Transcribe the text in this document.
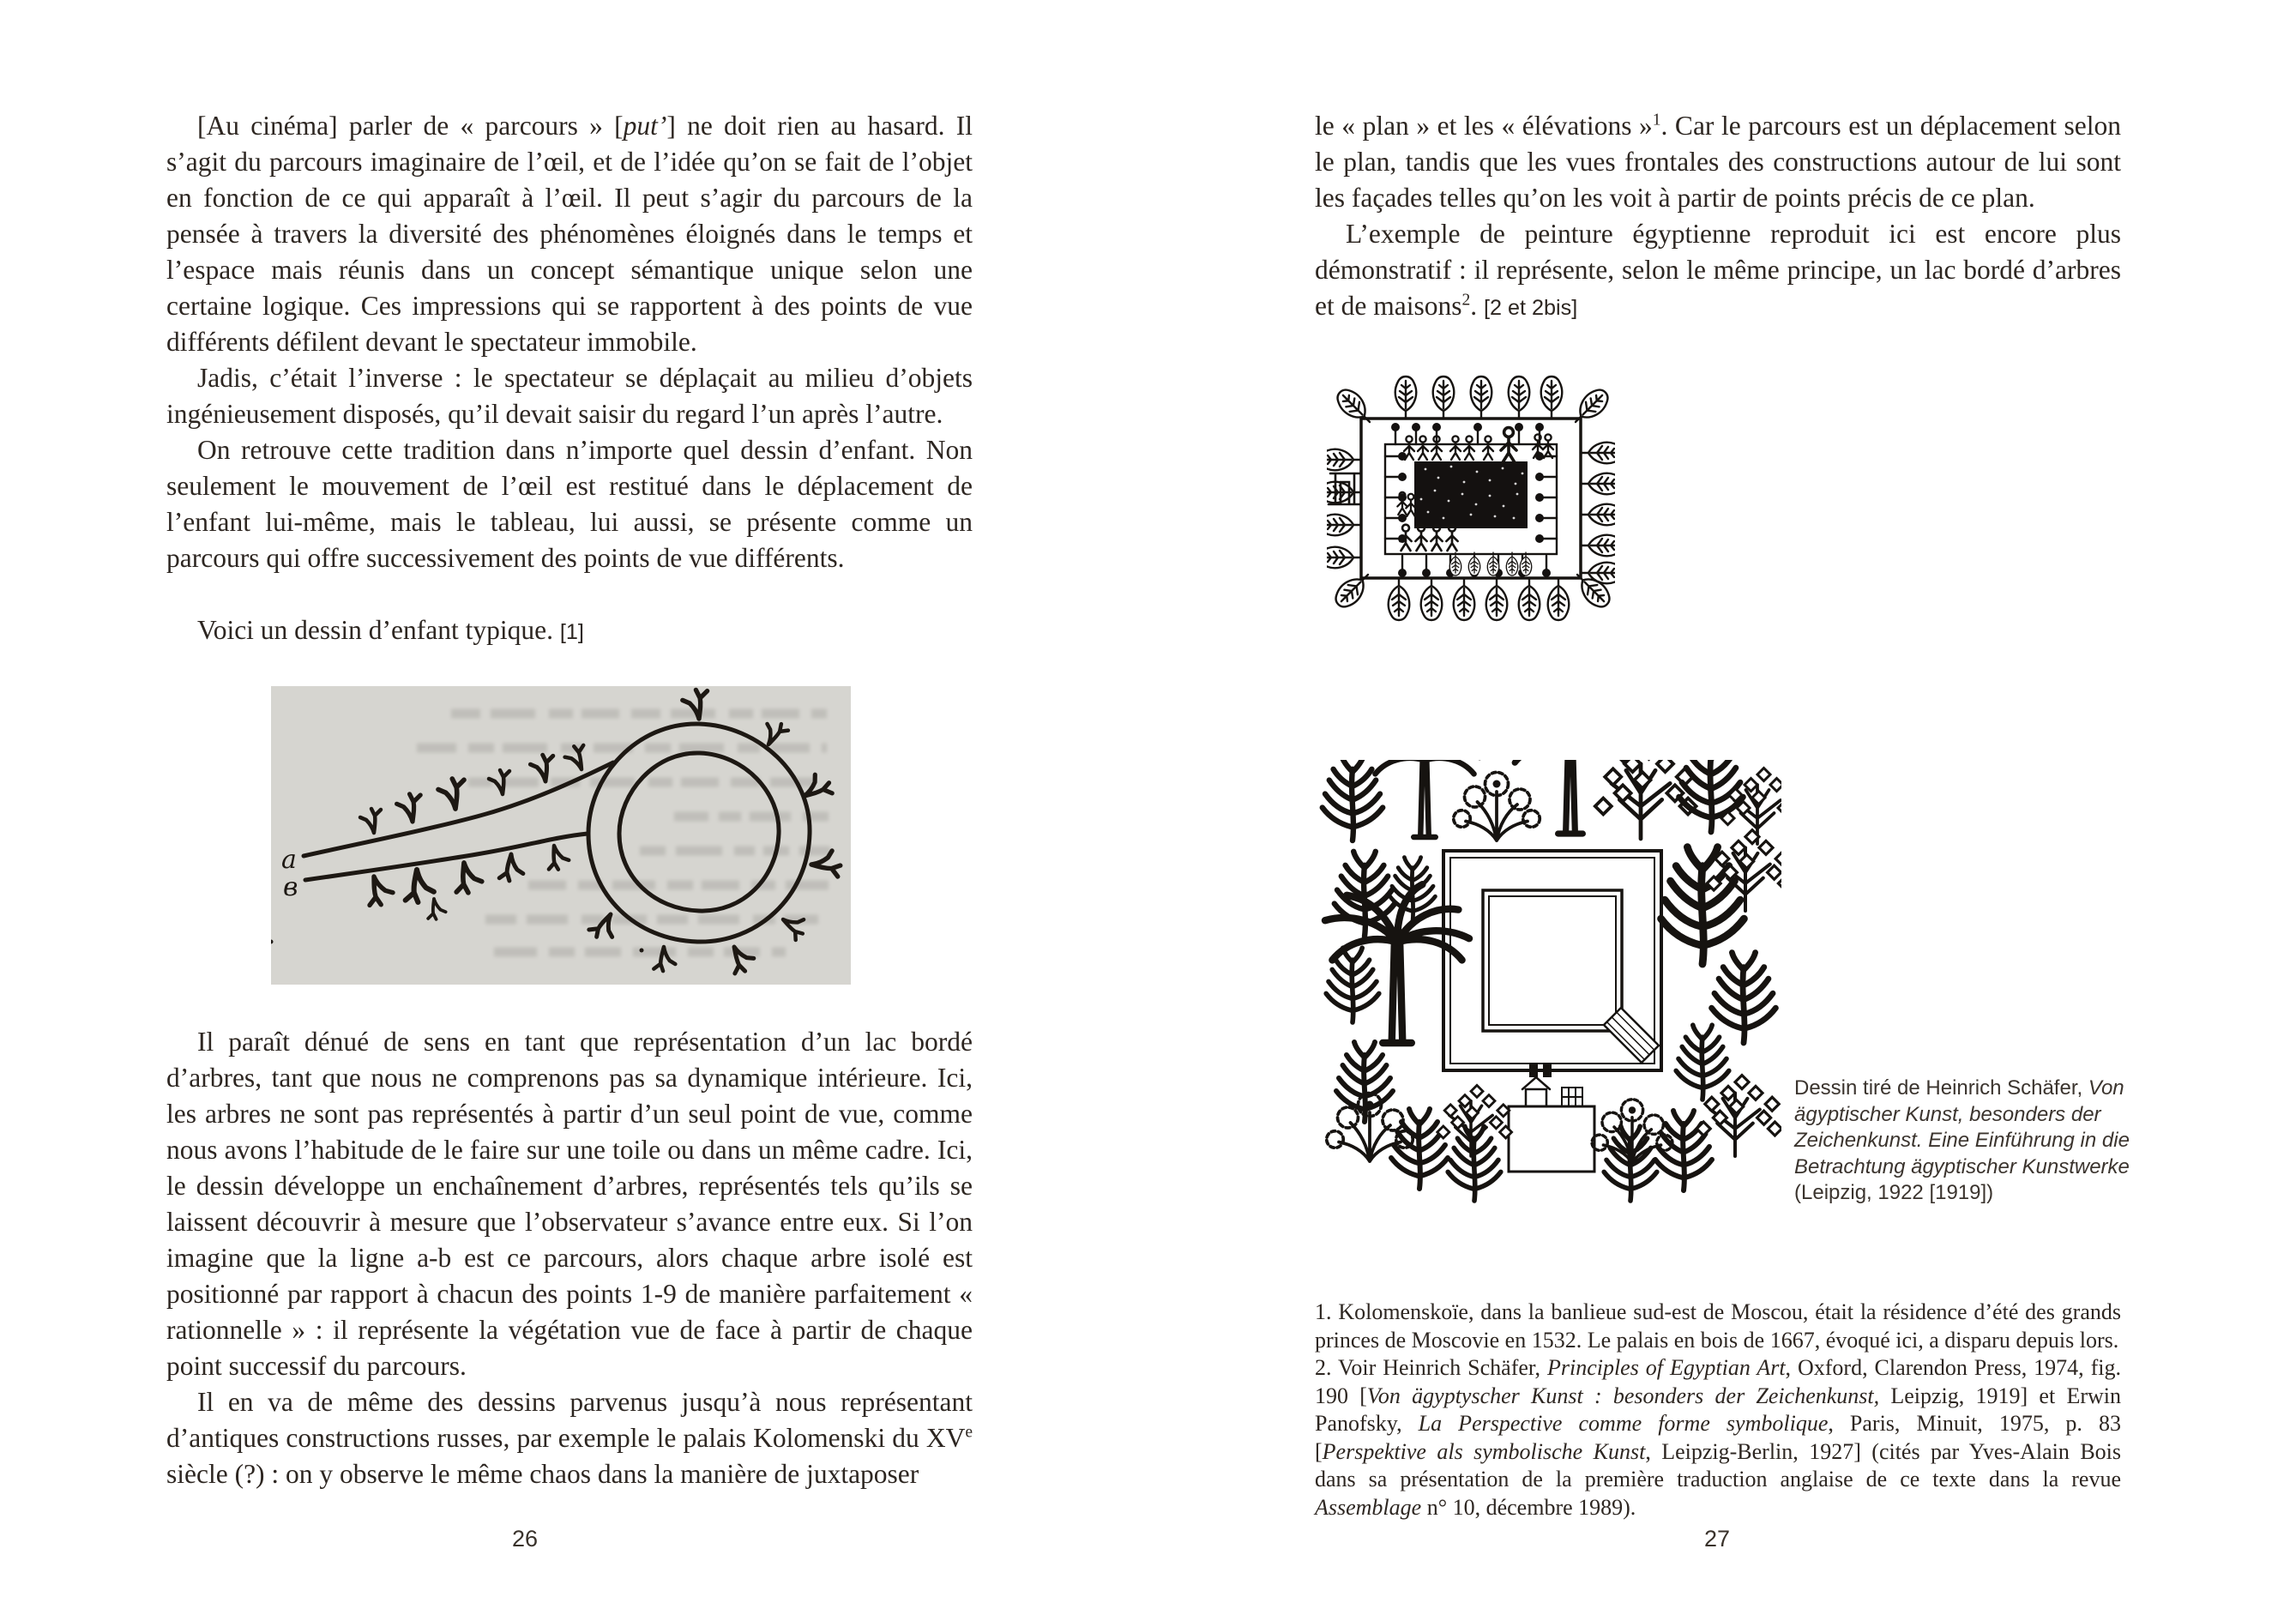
[Au cinéma] parler de « parcours » [put’] ne doit rien au hasard. Il s’agit du parcours imaginaire de l’œil, et de l’idée qu’on se fait de l’objet en fonction de ce qui apparaît à l’œil. Il peut s’agir du parcours de la pensée à travers la diversité des phénomènes éloignés dans le temps et l’espace mais réunis dans un concept sémantique unique selon une certaine logique. Ces impressions qui se rapportent à des points de vue différents défilent devant le spectateur immobile.

Jadis, c’était l’inverse : le spectateur se déplaçait au milieu d’objets ingénieusement disposés, qu’il devait saisir du regard l’un après l’autre.

On retrouve cette tradition dans n’importe quel dessin d’enfant. Non seulement le mouvement de l’œil est restitué dans le déplacement de l’enfant lui-même, mais le tableau, lui aussi, se présente comme un parcours qui offre successivement des points de vue différents.

Voici un dessin d’enfant typique. [1]

a
в

Il paraît dénué de sens en tant que représentation d’un lac bordé d’arbres, tant que nous ne comprenons pas sa dynamique intérieure. Ici, les arbres ne sont pas représentés à partir d’un seul point de vue, comme nous avons l’habitude de le faire sur une toile ou dans un même cadre. Ici, le dessin développe un enchaînement d’arbres, représentés tels qu’ils se laissent découvrir à mesure que l’observateur s’avance entre eux. Si l’on imagine que la ligne a-b est ce parcours, alors chaque arbre isolé est positionné par rapport à chacun des points 1-9 de manière parfaitement « rationnelle » : il représente la végétation vue de face à partir de chaque point successif du parcours.

Il en va de même des dessins parvenus jusqu’à nous représentant d’antiques constructions russes, par exemple le palais Kolomenski du XVe siècle (?) : on y observe le même chaos dans la manière de juxtaposer

26

le « plan » et les « élévations »$^1$. Car le parcours est un déplacement selon le plan, tandis que les vues frontales des constructions autour de lui sont les façades telles qu’on les voit à partir de points précis de ce plan.

L’exemple de peinture égyptienne reproduit ici est encore plus démonstratif : il représente, selon le même principe, un lac bordé d’arbres et de maisons$^2$. [2 et 2bis]

Dessin tiré de Heinrich Schäfer, Von ägyptischer Kunst, besonders der Zeichenkunst. Eine Einführung in die Betrachtung ägyptischer Kunstwerke (Leipzig, 1922 [1919])

1. Kolomenskoïe, dans la banlieue sud-est de Moscou, était la résidence d’été des grands princes de Moscovie en 1532. Le palais en bois de 1667, évoqué ici, a disparu depuis lors.

2. Voir Heinrich Schäfer, Principles of Egyptian Art, Oxford, Clarendon Press, 1974, fig. 190 [Von ägyptyscher Kunst : besonders der Zeichenkunst, Leipzig, 1919] et Erwin Panofsky, La Perspective comme forme symbolique, Paris, Minuit, 1975, p. 83 [Perspektive als symbolische Kunst, Leipzig-Berlin, 1927] (cités par Yves-Alain Bois dans sa présentation de la première traduction anglaise de ce texte dans la revue Assemblage n° 10, décembre 1989).

27
